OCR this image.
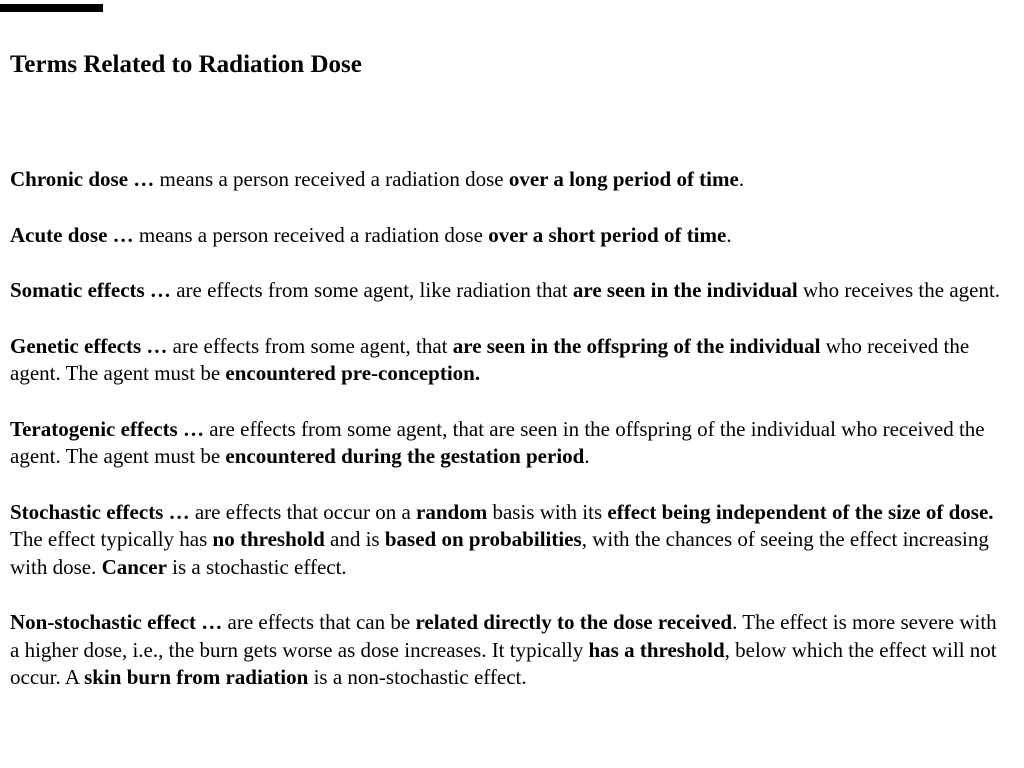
Terms Related to Radiation Dose

Chronic dose … means a person received a radiation dose over a long period of time.

Acute dose … means a person received a radiation dose over a short period of time.

Somatic effects … are effects from some agent, like radiation that are seen in the individual who receives the agent.

Genetic effects … are effects from some agent, that are seen in the offspring of the individual who received the agent. The agent must be encountered pre-conception.

Teratogenic effects … are effects from some agent, that are seen in the offspring of the individual who received the agent. The agent must be encountered during the gestation period.

Stochastic effects … are effects that occur on a random basis with its effect being independent of the size of dose. The effect typically has no threshold and is based on probabilities, with the chances of seeing the effect increasing with dose. Cancer is a stochastic effect.

Non-stochastic effect … are effects that can be related directly to the dose received. The effect is more severe with a higher dose, i.e., the burn gets worse as dose increases. It typically has a threshold, below which the effect will not occur. A skin burn from radiation is a non-stochastic effect.
